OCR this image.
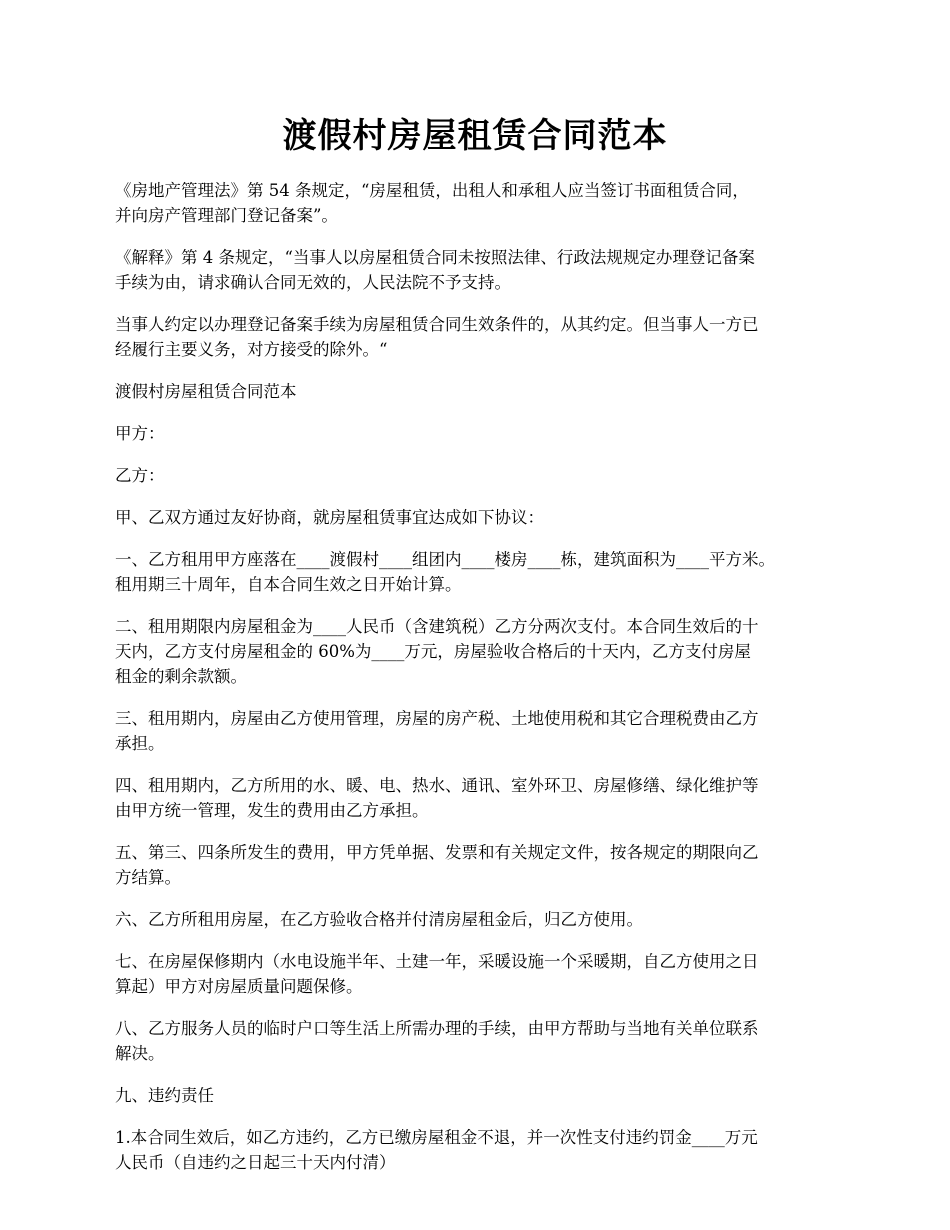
渡假村房屋租赁合同范本

《房地产管理法》第 54 条规定，“房屋租赁，出租人和承租人应当签订书面租赁合同，
并向房产管理部门登记备案”。

《解释》第 4 条规定，“当事人以房屋租赁合同未按照法律、行政法规规定办理登记备案
手续为由，请求确认合同无效的，人民法院不予支持。

当事人约定以办理登记备案手续为房屋租赁合同生效条件的，从其约定。但当事人一方已
经履行主要义务，对方接受的除外。“

渡假村房屋租赁合同范本

甲方：

乙方：

甲、乙双方通过友好协商，就房屋租赁事宜达成如下协议：

一、乙方租用甲方座落在____渡假村____组团内____楼房____栋，建筑面积为____平方米。
租用期三十周年，自本合同生效之日开始计算。

二、租用期限内房屋租金为____人民币（含建筑税）乙方分两次支付。本合同生效后的十
天内，乙方支付房屋租金的 60%为____万元，房屋验收合格后的十天内，乙方支付房屋
租金的剩余款额。

三、租用期内，房屋由乙方使用管理，房屋的房产税、土地使用税和其它合理税费由乙方
承担。

四、租用期内，乙方所用的水、暖、电、热水、通讯、室外环卫、房屋修缮、绿化维护等
由甲方统一管理，发生的费用由乙方承担。

五、第三、四条所发生的费用，甲方凭单据、发票和有关规定文件，按各规定的期限向乙
方结算。

六、乙方所租用房屋，在乙方验收合格并付清房屋租金后，归乙方使用。

七、在房屋保修期内（水电设施半年、土建一年，采暖设施一个采暖期，自乙方使用之日
算起）甲方对房屋质量问题保修。

八、乙方服务人员的临时户口等生活上所需办理的手续，由甲方帮助与当地有关单位联系
解决。

九、违约责任

1.本合同生效后，如乙方违约，乙方已缴房屋租金不退，并一次性支付违约罚金____万元
人民币（自违约之日起三十天内付清）
